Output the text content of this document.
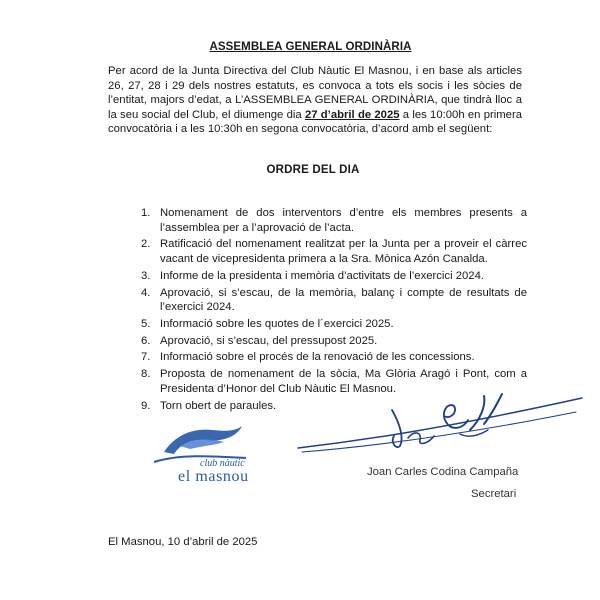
ASSEMBLEA GENERAL ORDINÀRIA

Per acord de la Junta Directiva del Club Nàutic El Masnou, i en base als articles 26, 27, 28 i 29 dels nostres estatuts, es convoca a tots els socis i les sòcies de l’entitat, majors d’edat, a L’ASSEMBLEA GENERAL ORDINÀRIA, que tindrà lloc a la seu social del Club, el diumenge dia 27 d’abril de 2025 a les 10:00h en primera convocatòria i a les 10:30h en segona convocatòria, d’acord amb el següent:

ORDRE DEL DIA
1. Nomenament de dos interventors d’entre els membres presents a l’assemblea per a l’aprovació de l’acta.
2. Ratificació del nomenament realitzat per la Junta per a proveir el càrrec vacant de vicepresidenta primera a la Sra. Mònica Azón Canalda.
3. Informe de la presidenta i memòria d’activitats de l’exercici 2024.
4. Aprovació, si s’escau, de la memòria, balanç i compte de resultats de l’exercici 2024.
5. Informació sobre les quotes de l´exercici 2025.
6. Aprovació, si s’escau, del pressupost 2025.
7. Informació sobre el procés de la renovació de les concessions.
8. Proposta de nomenament de la sòcia, Ma Glòria Aragó i Pont, com a Presidenta d’Honor del Club Nàutic El Masnou.
9. Torn obert de paraules.
club nàutic
el masnou	Joan Carles Codina Campaña
Secretari
El Masnou, 10 d’abril de 2025
